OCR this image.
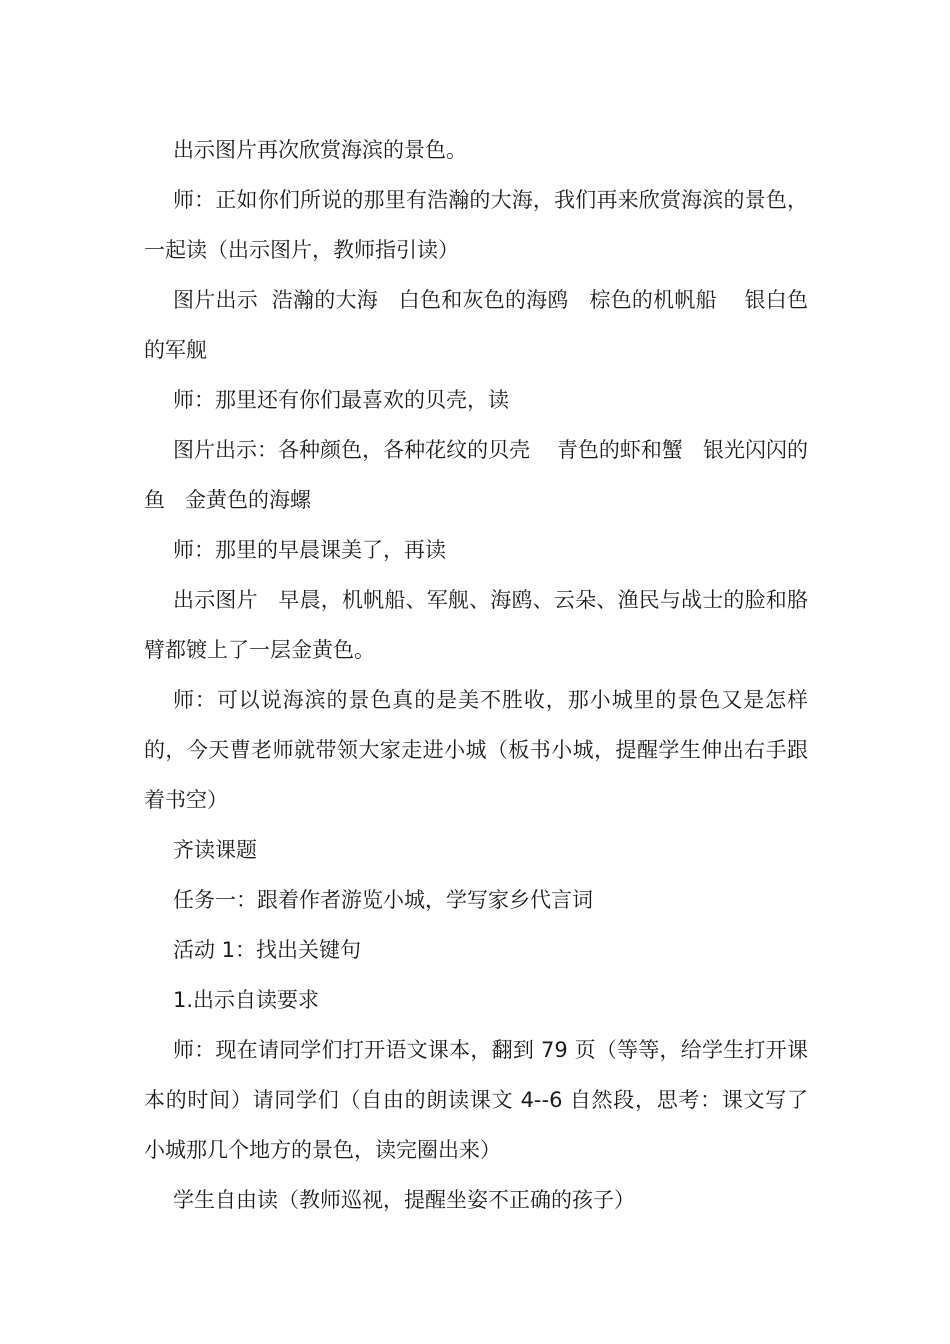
出示图片再次欣赏海滨的景色。

师：正如你们所说的那里有浩瀚的大海，我们再来欣赏海滨的景色，一起读（出示图片，教师指引读）

图片出示  浩瀚的大海   白色和灰色的海鸥   棕色的机帆船    银白色的军舰

师：那里还有你们最喜欢的贝壳，读

图片出示：各种颜色，各种花纹的贝壳    青色的虾和蟹   银光闪闪的鱼   金黄色的海螺

师：那里的早晨课美了，再读

出示图片   早晨，机帆船、军舰、海鸥、云朵、渔民与战士的脸和胳臂都镀上了一层金黄色。

师：可以说海滨的景色真的是美不胜收，那小城里的景色又是怎样的，今天曹老师就带领大家走进小城（板书小城，提醒学生伸出右手跟着书空）

齐读课题

任务一：跟着作者游览小城，学写家乡代言词

活动 1：找出关键句

1.出示自读要求

师：现在请同学们打开语文课本，翻到 79 页（等等，给学生打开课本的时间）请同学们（自由的朗读课文 4--6 自然段，思考：课文写了小城那几个地方的景色，读完圈出来）

学生自由读（教师巡视，提醒坐姿不正确的孩子）
